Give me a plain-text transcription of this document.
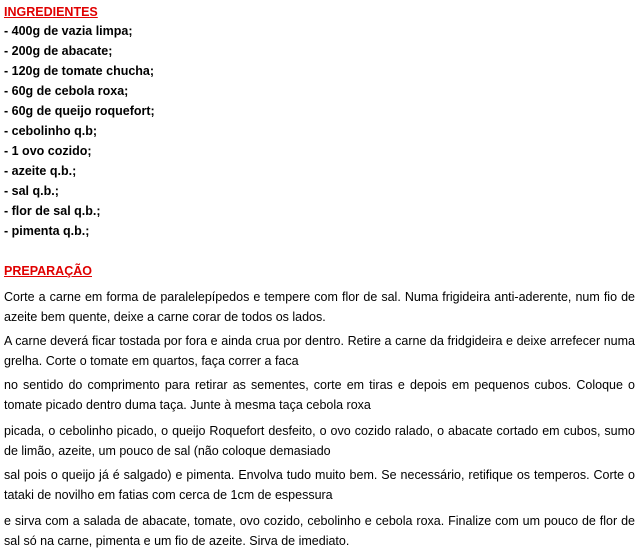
INGREDIENTES
- 400g de vazia limpa;
- 200g de abacate;
- 120g de tomate chucha;
- 60g de cebola roxa;
- 60g de queijo roquefort;
- cebolinho q.b;
- 1 ovo cozido;
- azeite q.b.;
- sal q.b.;
- flor de sal q.b.;
- pimenta q.b.;
PREPARAÇÃO

Corte a carne em forma de paralelepípedos e tempere com flor de sal. Numa frigideira anti-aderente, num fio de azeite bem quente, deixe a carne corar de todos os lados.

A carne deverá ficar tostada por fora e ainda crua por dentro. Retire a carne da fridgideira e deixe arrefecer numa grelha. Corte o tomate em quartos, faça correr a faca

no sentido do comprimento para retirar as sementes, corte em tiras e depois em pequenos cubos. Coloque o tomate picado dentro duma taça. Junte à mesma taça cebola roxa

picada, o cebolinho picado, o queijo Roquefort desfeito, o ovo cozido ralado, o abacate cortado em cubos, sumo de limão, azeite, um pouco de sal (não coloque demasiado

sal pois o queijo já é salgado) e pimenta. Envolva tudo muito bem. Se necessário, retifique os temperos. Corte o tataki de novilho em fatias com cerca de 1cm de espessura

e sirva com a salada de abacate, tomate, ovo cozido, cebolinho e cebola roxa. Finalize com um pouco de flor de sal só na carne, pimenta e um fio de azeite. Sirva de imediato.
